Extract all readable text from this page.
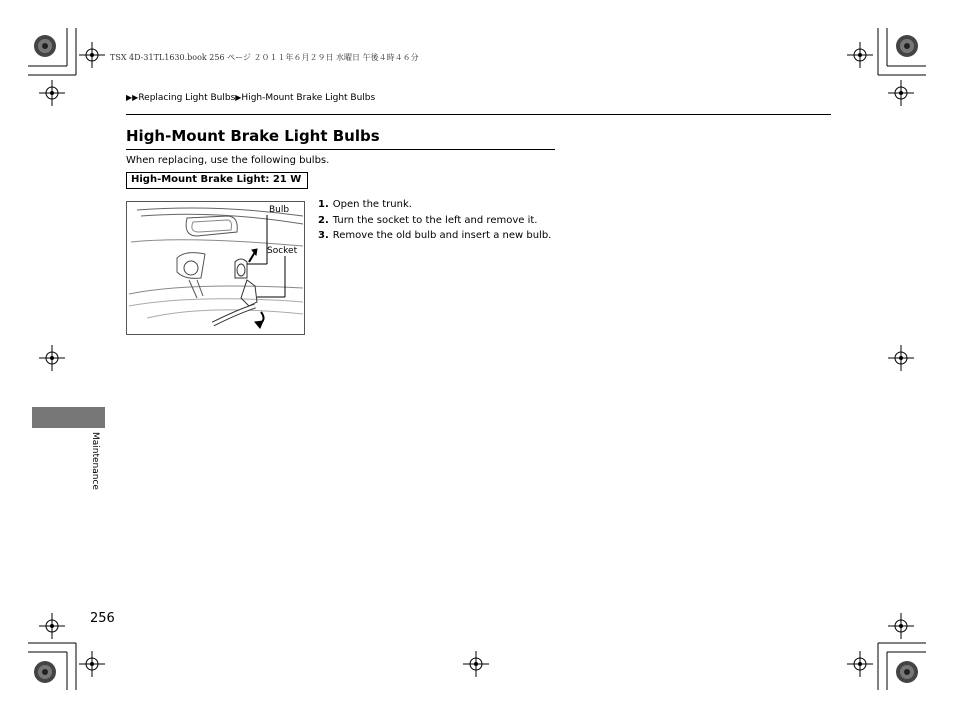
TSX 4D-31TL1630.book 256 ページ ２０１１年６月２９日 水曜日 午後４時４６分
▶▶Replacing Light Bulbs▶High-Mount Brake Light Bulbs
High-Mount Brake Light Bulbs
When replacing, use the following bulbs.
High-Mount Brake Light: 21 W
Bulb
Socket
1. Open the trunk.
2. Turn the socket to the left and remove it.
3. Remove the old bulb and insert a new bulb.
Maintenance
256
